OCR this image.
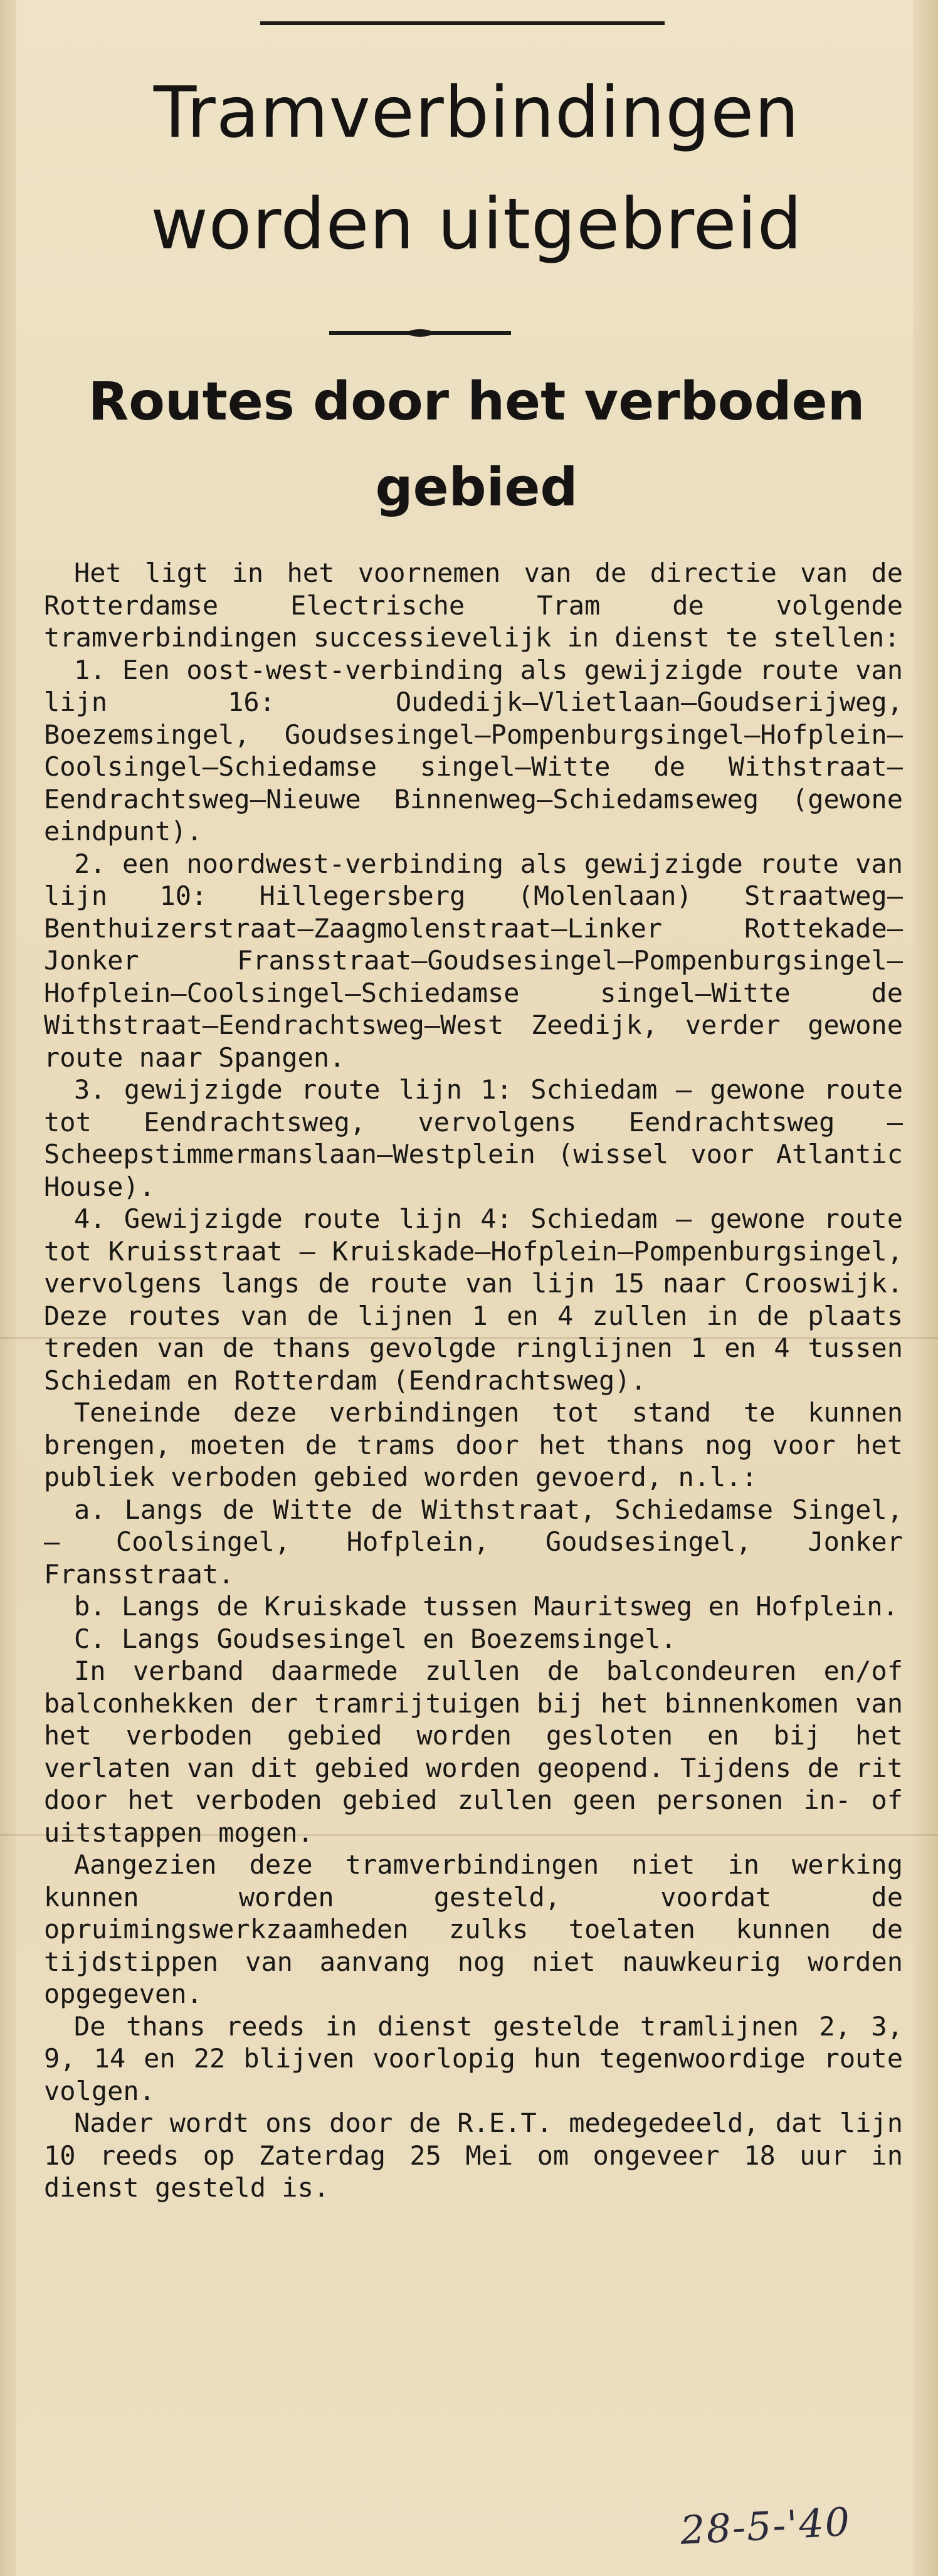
Tramverbindingen
worden uitgebreid
Routes door het verboden
gebied

Het ligt in het voornemen van de directie van de Rotterdamse Electrische Tram de volgende tramverbindingen successievelijk in dienst te stellen:

1. Een oost-west-verbinding als gewijzigde route van lijn 16: Oudedijk—Vlietlaan—Goudserijweg, Boezemsingel, Goudsesingel—Pompenburgsingel—Hofplein—Coolsingel—Schiedamse singel—Witte de Withstraat—Eendrachtsweg—Nieuwe Binnenweg—Schiedamseweg (gewone eindpunt).

2. een noordwest-verbinding als gewijzigde route van lijn 10: Hillegersberg (Molenlaan) Straatweg—Benthuizerstraat—Zaagmolenstraat—Linker Rottekade—Jonker Fransstraat—Goudsesingel—Pompenburgsingel—Hofplein—Coolsingel—Schiedamse singel—Witte de Withstraat—Eendrachtsweg—West Zeedijk, verder gewone route naar Spangen.

3. gewijzigde route lijn 1: Schiedam — gewone route tot Eendrachtsweg, vervolgens Eendrachtsweg —Scheepstimmermanslaan—Westplein (wissel voor Atlantic House).

4. Gewijzigde route lijn 4: Schiedam — gewone route tot Kruisstraat — Kruiskade—Hofplein—Pompenburgsingel, vervolgens langs de route van lijn 15 naar Crooswijk. Deze routes van de lijnen 1 en 4 zullen in de plaats treden van de thans gevolgde ringlijnen 1 en 4 tussen Schiedam en Rotterdam (Eendrachtsweg).

Teneinde deze verbindingen tot stand te kunnen brengen, moeten de trams door het thans nog voor het publiek verboden gebied worden gevoerd, n.l.:

a. Langs de Witte de Withstraat, Schiedamse Singel, — Coolsingel, Hofplein, Goudsesingel, Jonker Fransstraat.

b. Langs de Kruiskade tussen Mauritsweg en Hofplein.

C. Langs Goudsesingel en Boezemsingel.

In verband daarmede zullen de balcondeuren en/of balconhekken der tramrijtuigen bij het binnenkomen van het verboden gebied worden gesloten en bij het verlaten van dit gebied worden geopend. Tijdens de rit door het verboden gebied zullen geen personen in- of uitstappen mogen.

Aangezien deze tramverbindingen niet in werking kunnen worden gesteld, voordat de opruimingswerkzaamheden zulks toelaten kunnen de tijdstippen van aanvang nog niet nauwkeurig worden opgegeven.

De thans reeds in dienst gestelde tramlijnen 2, 3, 9, 14 en 22 blijven voorlopig hun tegenwoordige route volgen.

Nader wordt ons door de R.E.T. medegedeeld, dat lijn 10 reeds op Zaterdag 25 Mei om ongeveer 18 uur in dienst gesteld is.

28-5-'40
